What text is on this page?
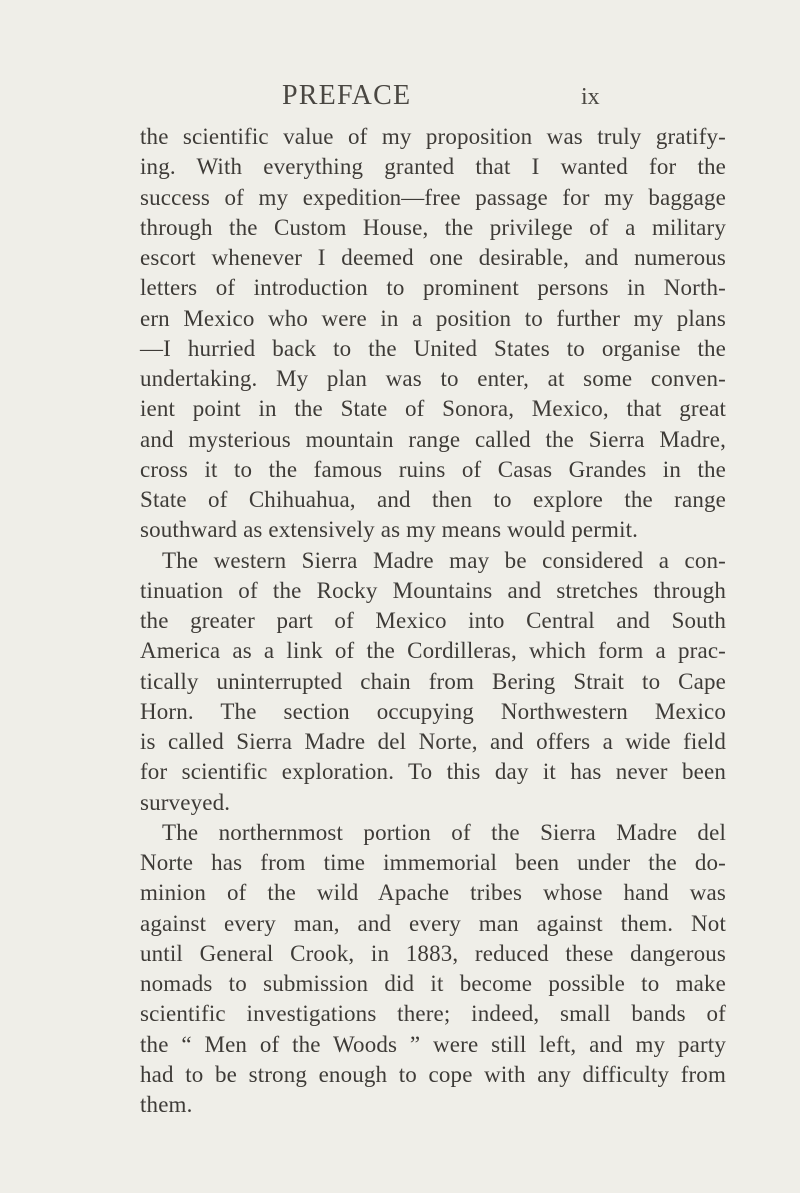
PREFACE	ix
the scientific value of my proposition was truly gratify-
ing. With everything granted that I wanted for the
success of my expedition—free passage for my baggage
through the Custom House, the privilege of a military
escort whenever I deemed one desirable, and numerous
letters of introduction to prominent persons in North-
ern Mexico who were in a position to further my plans
—I hurried back to the United States to organise the
undertaking. My plan was to enter, at some conven-
ient point in the State of Sonora, Mexico, that great
and mysterious mountain range called the Sierra Madre,
cross it to the famous ruins of Casas Grandes in the
State of Chihuahua, and then to explore the range
southward as extensively as my means would permit.
The western Sierra Madre may be considered a con-
tinuation of the Rocky Mountains and stretches through
the greater part of Mexico into Central and South
America as a link of the Cordilleras, which form a prac-
tically uninterrupted chain from Bering Strait to Cape
Horn. The section occupying Northwestern Mexico
is called Sierra Madre del Norte, and offers a wide field
for scientific exploration. To this day it has never been
surveyed.
The northernmost portion of the Sierra Madre del
Norte has from time immemorial been under the do-
minion of the wild Apache tribes whose hand was
against every man, and every man against them. Not
until General Crook, in 1883, reduced these dangerous
nomads to submission did it become possible to make
scientific investigations there; indeed, small bands of
the “ Men of the Woods ” were still left, and my party
had to be strong enough to cope with any difficulty from
them.
